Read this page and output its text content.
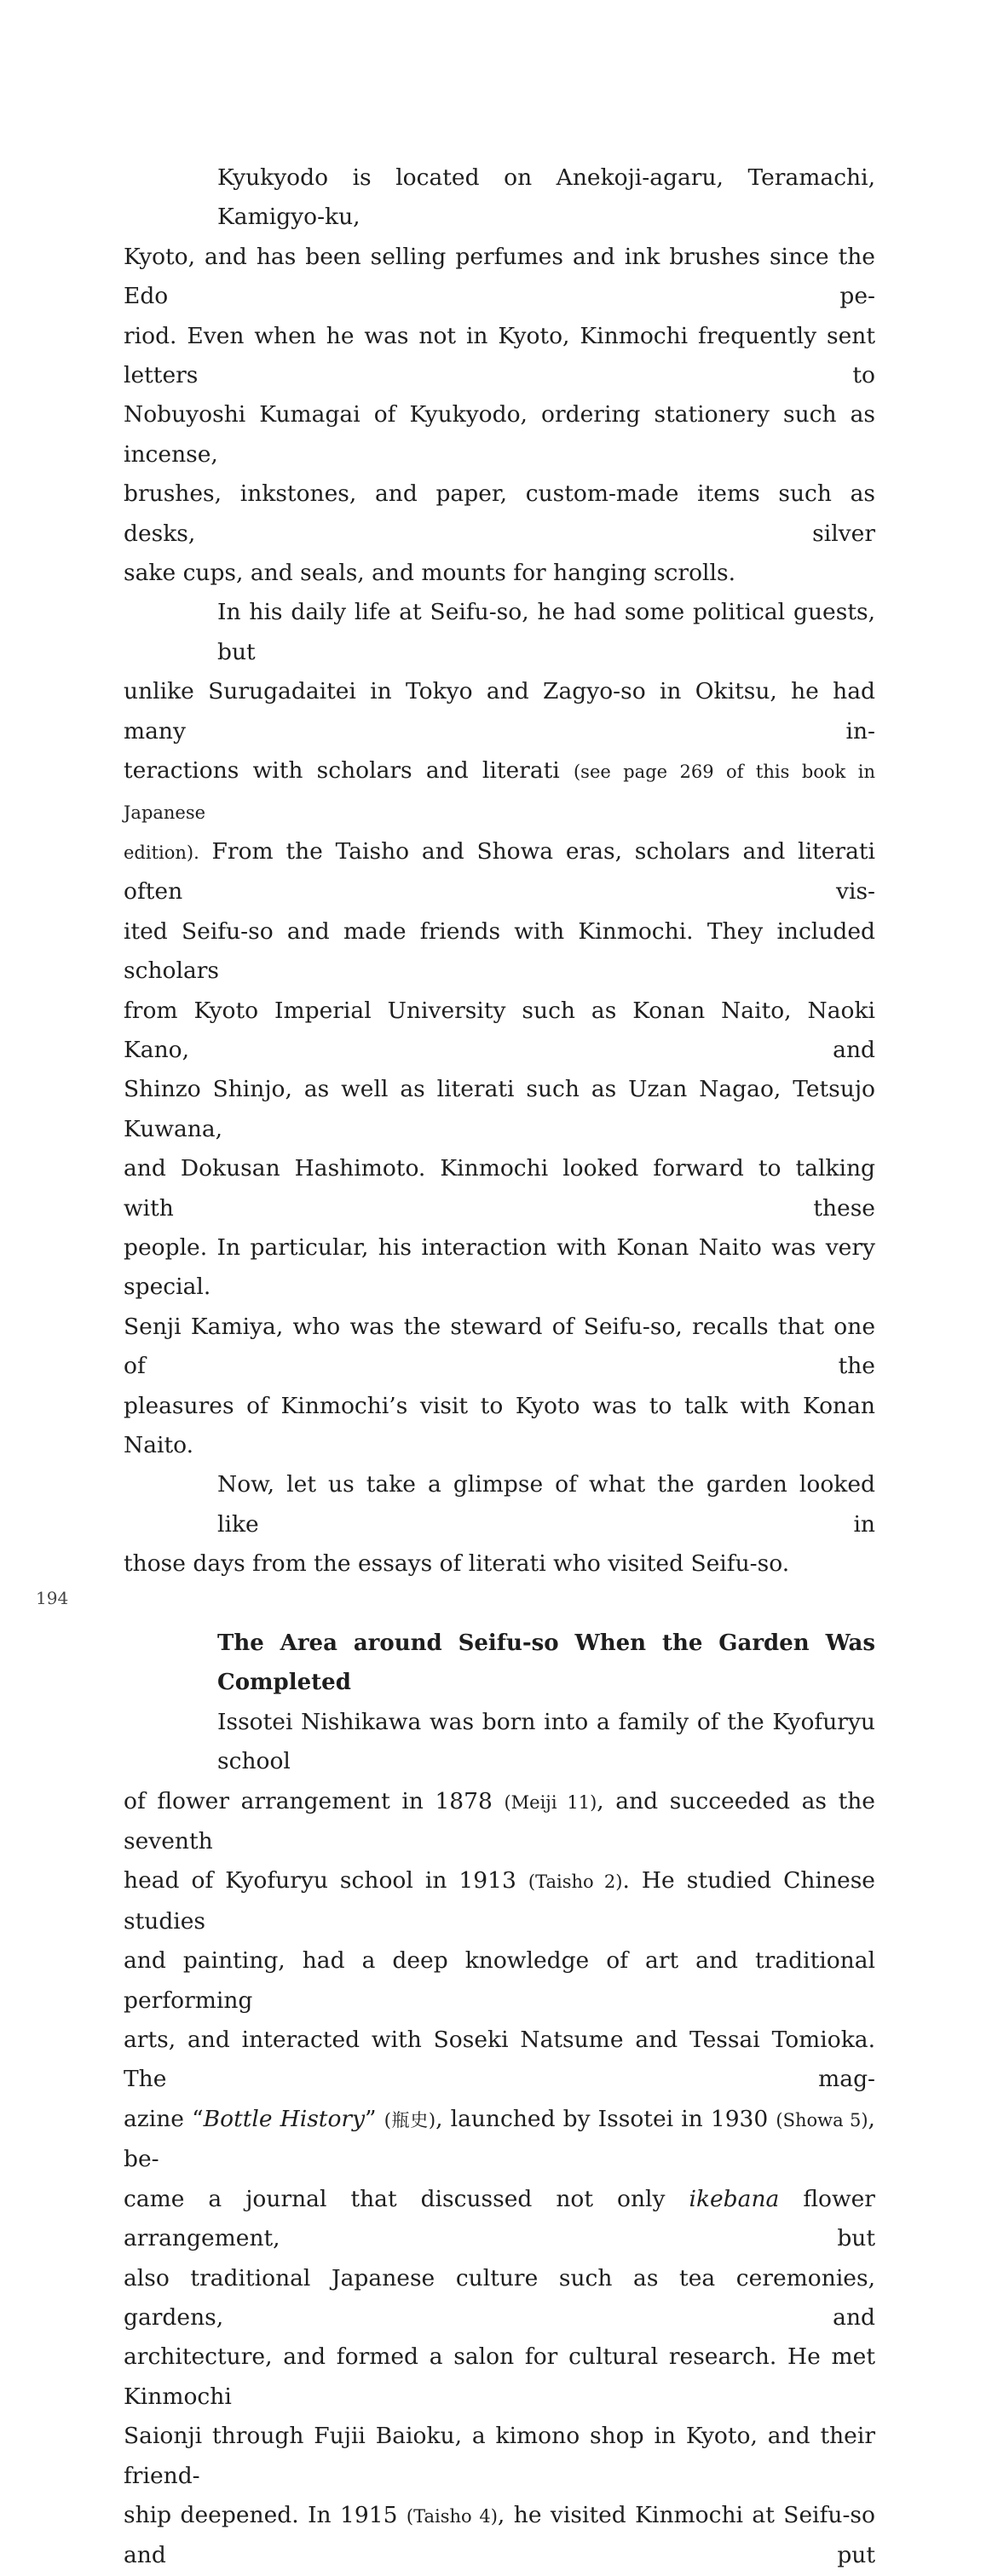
Kyukyodo is located on Anekoji-agaru, Teramachi, Kamigyo-ku,
Kyoto, and has been selling perfumes and ink brushes since the Edo pe-
riod. Even when he was not in Kyoto, Kinmochi frequently sent letters to
Nobuyoshi Kumagai of Kyukyodo, ordering stationery such as incense,
brushes, inkstones, and paper, custom-made items such as desks, silver
sake cups, and seals, and mounts for hanging scrolls.

In his daily life at Seifu-so, he had some political guests, but
unlike Surugadaitei in Tokyo and Zagyo-so in Okitsu, he had many in-
teractions with scholars and literati (see page 269 of this book in Japanese
edition). From the Taisho and Showa eras, scholars and literati often vis-
ited Seifu-so and made friends with Kinmochi. They included scholars
from Kyoto Imperial University such as Konan Naito, Naoki Kano, and
Shinzo Shinjo, as well as literati such as Uzan Nagao, Tetsujo Kuwana,
and Dokusan Hashimoto. Kinmochi looked forward to talking with these
people. In particular, his interaction with Konan Naito was very special.
Senji Kamiya, who was the steward of Seifu-so, recalls that one of the
pleasures of Kinmochi’s visit to Kyoto was to talk with Konan Naito.

Now, let us take a glimpse of what the garden looked like in
those days from the essays of literati who visited Seifu-so.

The Area around Seifu-so When the Garden Was Completed

Issotei Nishikawa was born into a family of the Kyofuryu school
of flower arrangement in 1878 (Meiji 11), and succeeded as the seventh
head of Kyofuryu school in 1913 (Taisho 2). He studied Chinese studies
and painting, had a deep knowledge of art and traditional performing
arts, and interacted with Soseki Natsume and Tessai Tomioka. The mag-
azine “Bottle History” (瓶史), launched by Issotei in 1930 (Showa 5), be-
came a journal that discussed not only ikebana flower arrangement, but
also traditional Japanese culture such as tea ceremonies, gardens, and
architecture, and formed a salon for cultural research. He met Kinmochi
Saionji through Fujii Baioku, a kimono shop in Kyoto, and their friend-
ship deepened. In 1915 (Taisho 4), he visited Kinmochi at Seifu-so and put

194
